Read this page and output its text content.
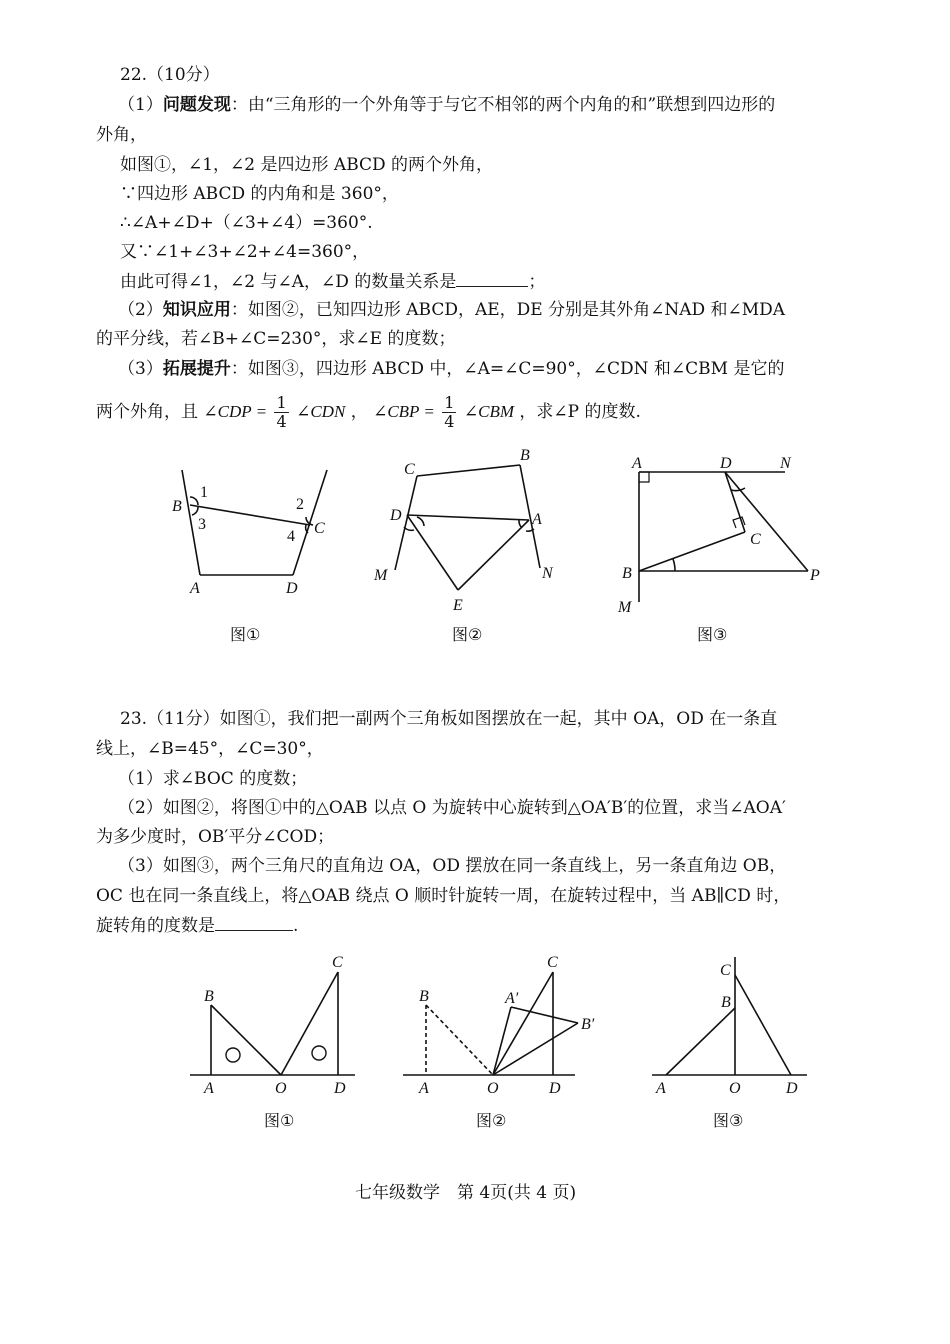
22.（10分）
（1）问题发现：由“三角形的一个外角等于与它不相邻的两个内角的和”联想到四边形的
外角，
如图①，∠1，∠2 是四边形 ABCD 的两个外角，
∵四边形 ABCD 的内角和是 360°，
∴∠A+∠D+（∠3+∠4）=360°.
又∵∠1+∠3+∠2+∠4=360°，
由此可得∠1，∠2 与∠A，∠D 的数量关系是	；
（2）知识应用：如图②，已知四边形 ABCD，AE，DE 分别是其外角∠NAD 和∠MDA
的平分线，若∠B+∠C=230°，求∠E 的度数；
（3）拓展提升：如图③，四边形 ABCD 中，∠A=∠C=90°，∠CDN 和∠CBM 是它的
两个外角，且 ∠CDP = $\frac{1}{4}$ ∠CDN ， ∠CBP = $\frac{1}{4}$ ∠CBM ，求∠P 的度数.
B
1
3
2
4 C
A	D
图①
C
B
D	A
M	N
E
图②
A	D	N
C
B	P
M
图③
23.（11分）如图①，我们把一副两个三角板如图摆放在一起，其中 OA，OD 在一条直
线上，∠B=45°，∠C=30°，
（1）求∠BOC 的度数；
（2）如图②，将图①中的△OAB 以点 O 为旋转中心旋转到△OA′B′的位置，求当∠AOA′
为多少度时，OB′平分∠COD；
（3）如图③，两个三角尺的直角边 OA，OD 摆放在同一条直线上，另一条直角边 OB，
OC 也在同一条直线上，将△OAB 绕点 O 顺时针旋转一周，在旋转过程中，当 AB∥CD 时，
旋转角的度数是	.
B
C
A	O	D
图①
B
C
A′
B′
A	O	D
图②
C
B
A	O	D
图③
七年级数学　第 4页(共 4 页)
